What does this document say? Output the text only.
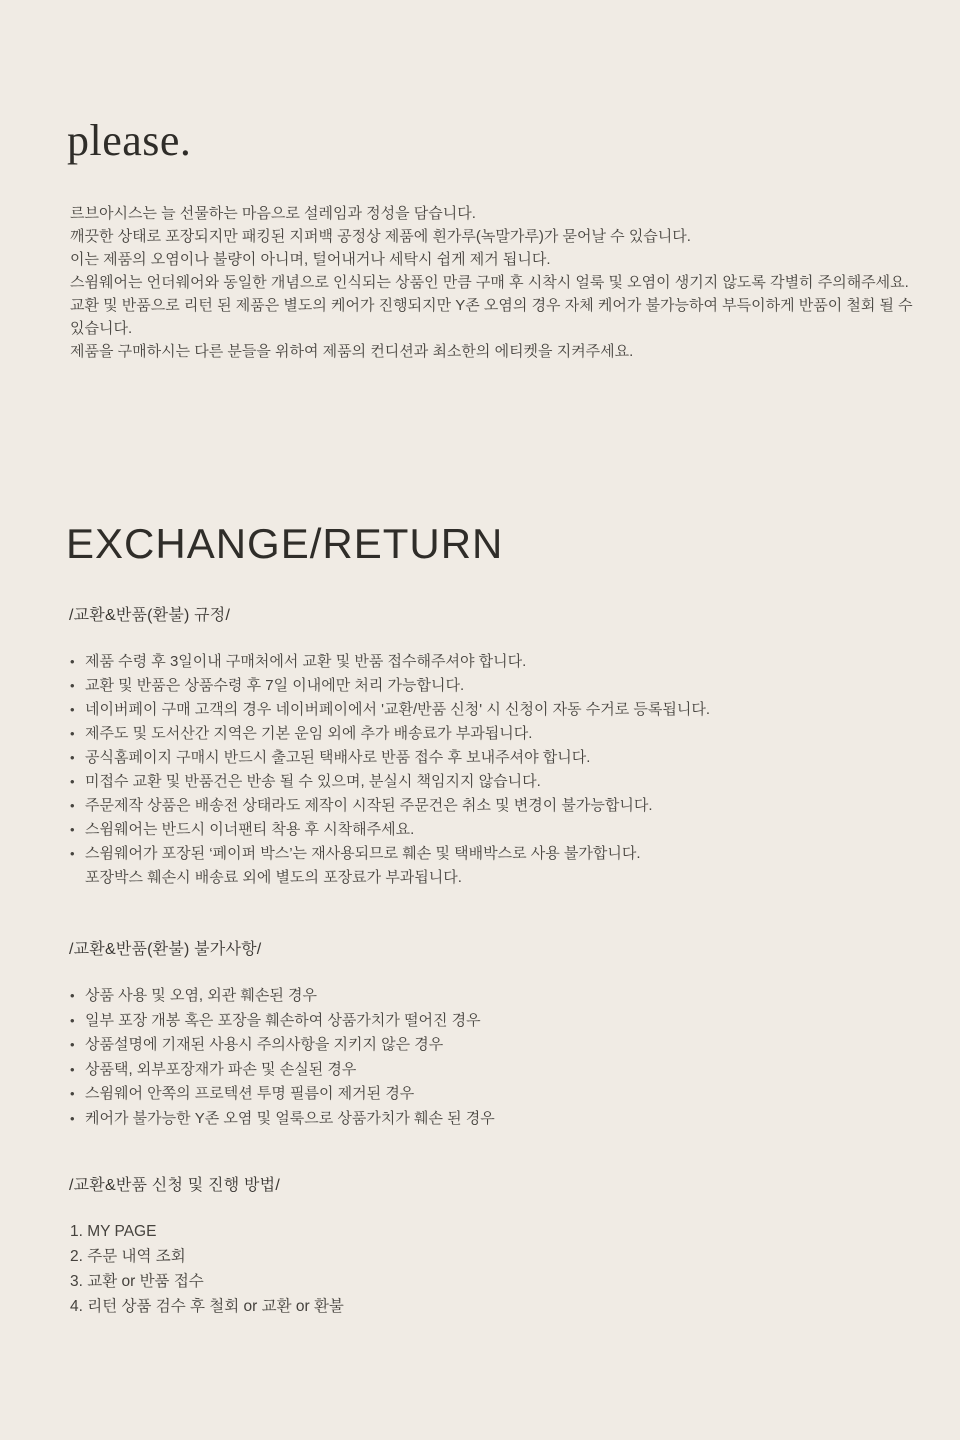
please.
르브아시스는 늘 선물하는 마음으로 설레임과 정성을 담습니다.
깨끗한 상태로 포장되지만 패킹된 지퍼백 공정상 제품에 흰가루(녹말가루)가 묻어날 수 있습니다.
이는 제품의 오염이나 불량이 아니며, 털어내거나 세탁시 쉽게 제거 됩니다.
스윔웨어는 언더웨어와 동일한 개념으로 인식되는 상품인 만큼 구매 후 시착시 얼룩 및 오염이 생기지 않도록 각별히 주의해주세요.
교환 및 반품으로 리턴 된 제품은 별도의 케어가 진행되지만 Y존 오염의 경우 자체 케어가 불가능하여 부득이하게 반품이 철회 될 수 있습니다.
제품을 구매하시는 다른 분들을 위하여 제품의 컨디션과 최소한의 에티켓을 지켜주세요.
EXCHANGE/RETURN
/교환&반품(환불) 규정/
• 제품 수령 후 3일이내 구매처에서 교환 및 반품 접수해주셔야 합니다.
• 교환 및 반품은 상품수령 후 7일 이내에만 처리 가능합니다.
• 네이버페이 구매 고객의 경우 네이버페이에서 '교환/반품 신청' 시 신청이 자동 수거로 등록됩니다.
• 제주도 및 도서산간 지역은 기본 운임 외에 추가 배송료가 부과됩니다.
• 공식홈페이지 구매시 반드시 출고된 택배사로 반품 접수 후 보내주셔야 합니다.
• 미접수 교환 및 반품건은 반송 될 수 있으며, 분실시 책임지지 않습니다.
• 주문제작 상품은 배송전 상태라도 제작이 시작된 주문건은 취소 및 변경이 불가능합니다.
• 스윔웨어는 반드시 이너팬티 착용 후 시착해주세요.
• 스윔웨어가 포장된 ‘페이퍼 박스’는 재사용되므로 훼손 및 택배박스로 사용 불가합니다.
포장박스 훼손시 배송료 외에 별도의 포장료가 부과됩니다.
/교환&반품(환불) 불가사항/
• 상품 사용 및 오염, 외관 훼손된 경우
• 일부 포장 개봉 혹은 포장을 훼손하여 상품가치가 떨어진 경우
• 상품설명에 기재된 사용시 주의사항을 지키지 않은 경우
• 상품택, 외부포장재가 파손 및 손실된 경우
• 스윔웨어 안쪽의 프로텍션 투명 필름이 제거된 경우
• 케어가 불가능한 Y존 오염 및 얼룩으로 상품가치가 훼손 된 경우
/교환&반품 신청 및 진행 방법/
1. MY PAGE
2. 주문 내역 조회
3. 교환 or 반품 접수
4. 리턴 상품 검수 후 철회 or 교환 or 환불
